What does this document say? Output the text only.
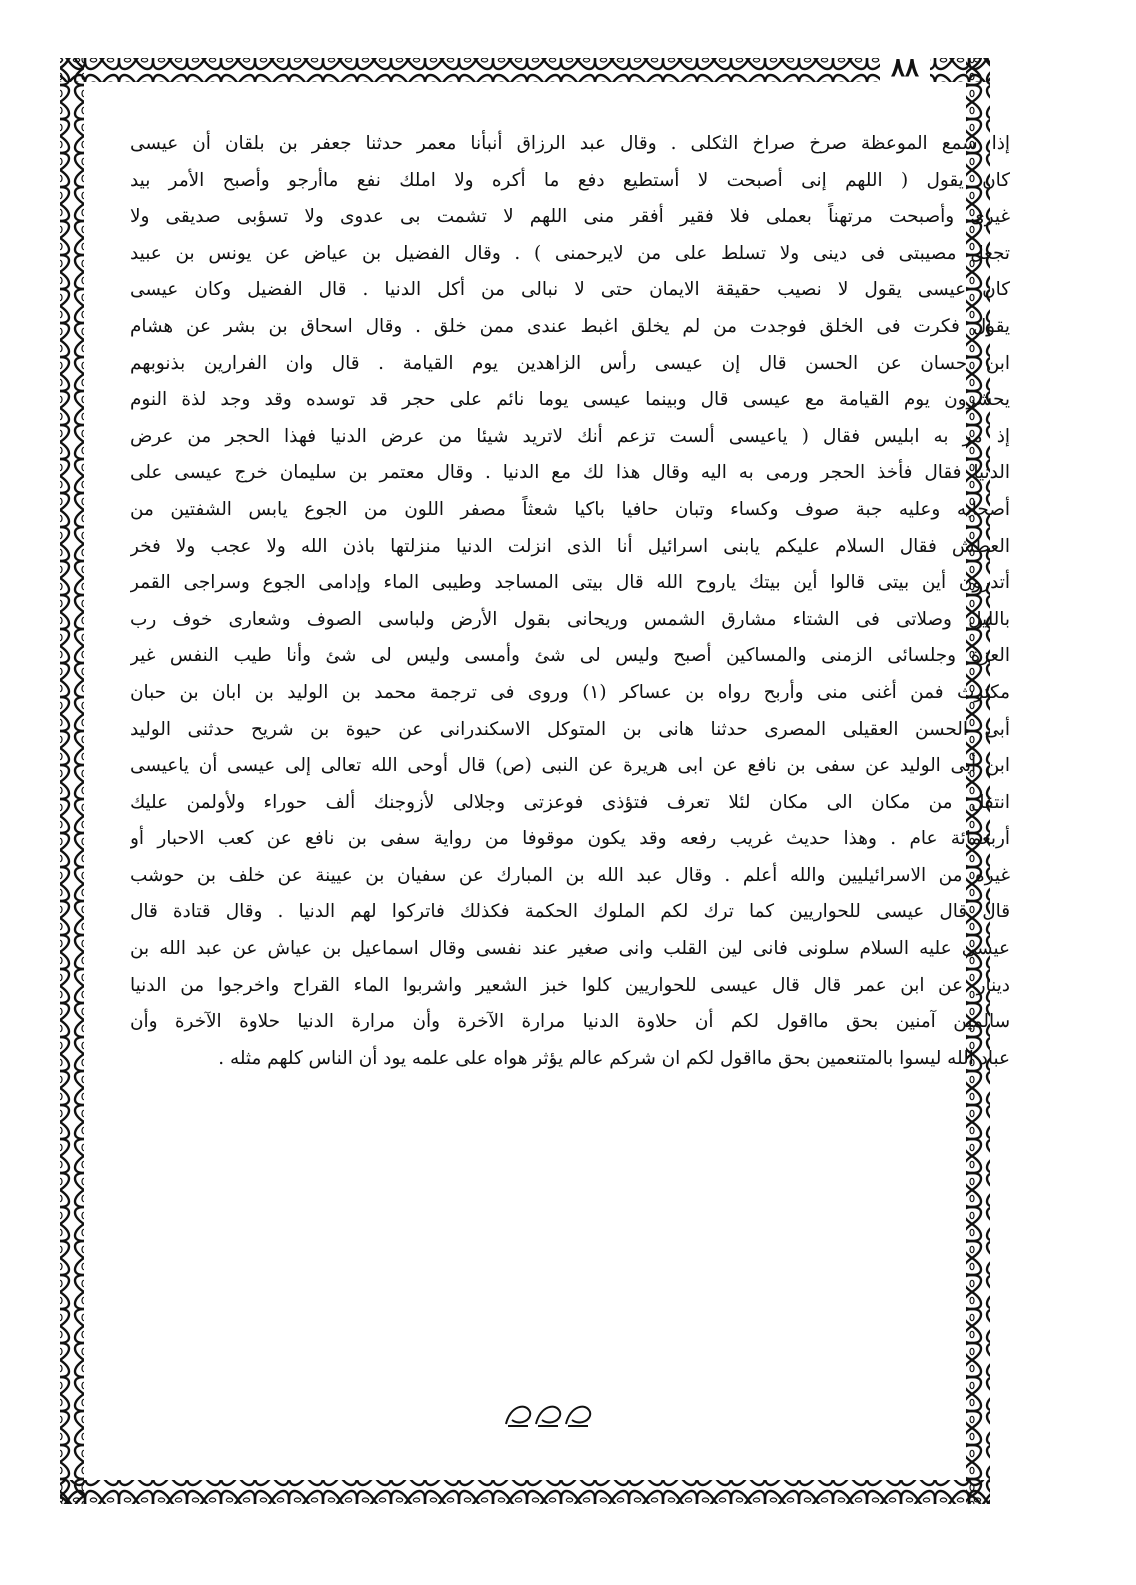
٨٨
إذا سمع الموعظة صرخ صراخ الثكلى . وقال عبد الرزاق أنبأنا معمر حدثنا جعفر بن بلقان أن عيسى
كان يقول ( اللهم إنى أصبحت لا أستطيع دفع ما أكره ولا املك نفع ماأرجو وأصبح الأمر بيد
غيرى وأصبحت مرتهناً بعملى فلا فقير أفقر منى اللهم لا تشمت بى عدوى ولا تسؤبى صديقى ولا
تجعل مصيبتى فى دينى ولا تسلط على من لايرحمنى ) . وقال الفضيل بن عياض عن يونس بن عبيد
كان عيسى يقول لا نصيب حقيقة الايمان حتى لا نبالى من أكل الدنيا . قال الفضيل وكان عيسى
يقول فكرت فى الخلق فوجدت من لم يخلق اغبط عندى ممن خلق . وقال اسحاق بن بشر عن هشام
ابن حسان عن الحسن قال إن عيسى رأس الزاهدين يوم القيامة . قال وان الفرارين بذنوبهم
يحشرون يوم القيامة مع عيسى قال وبينما عيسى يوما نائم على حجر قد توسده وقد وجد لذة النوم
إذ مر به ابليس فقال ( ياعيسى ألست تزعم أنك لاتريد شيئا من عرض الدنيا فهذا الحجر من عرض
الدنيا فقال فأخذ الحجر ورمى به اليه وقال هذا لك مع الدنيا . وقال معتمر بن سليمان خرج عيسى على
أصحابه وعليه جبة صوف وكساء وتبان حافيا باكيا شعثاً مصفر اللون من الجوع يابس الشفتين من
العطش فقال السلام عليكم يابنى اسرائيل أنا الذى انزلت الدنيا منزلتها باذن الله ولا عجب ولا فخر
أتدرون أين بيتى قالوا أين بيتك ياروح الله قال بيتى المساجد وطيبى الماء وإدامى الجوع وسراجى القمر
بالليل وصلاتى فى الشتاء مشارق الشمس وريحانى بقول الأرض ولباسى الصوف وشعارى خوف رب
العزة وجلسائى الزمنى والمساكين أصبح وليس لى شئ وأمسى وليس لى شئ وأنا طيب النفس غير
مكترث فمن أغنى منى وأربح رواه بن عساكر (١) وروى فى ترجمة محمد بن الوليد بن ابان بن حبان
أبى الحسن العقيلى المصرى حدثنا هانى بن المتوكل الاسكندرانى عن حيوة بن شريح حدثنى الوليد
ابن أبى الوليد عن سفى بن نافع عن ابى هريرة عن النبى (ص) قال أوحى الله تعالى إلى عيسى أن ياعيسى
انتقل من مكان الى مكان لئلا تعرف فتؤذى فوعزتى وجلالى لأزوجنك ألف حوراء ولأولمن عليك
أربعمائة عام . وهذا حديث غريب رفعه وقد يكون موقوفا من رواية سفى بن نافع عن كعب الاحبار أو
غيره من الاسرائيليين والله أعلم . وقال عبد الله بن المبارك عن سفيان بن عيينة عن خلف بن حوشب
قال قال عيسى للحواريين كما ترك لكم الملوك الحكمة فكذلك فاتركوا لهم الدنيا . وقال قتادة قال
عيسى عليه السلام سلونى فانى لين القلب وانى صغير عند نفسى وقال اسماعيل بن عياش عن عبد الله بن
دينار عن ابن عمر قال قال عيسى للحواريين كلوا خبز الشعير واشربوا الماء القراح واخرجوا من الدنيا
سالمين آمنين بحق مااقول لكم أن حلاوة الدنيا مرارة الآخرة وأن مرارة الدنيا حلاوة الآخرة وأن
عباد الله ليسوا بالمتنعمين بحق مااقول لكم ان شركم عالم يؤثر هواه على علمه يود أن الناس كلهم مثله .
